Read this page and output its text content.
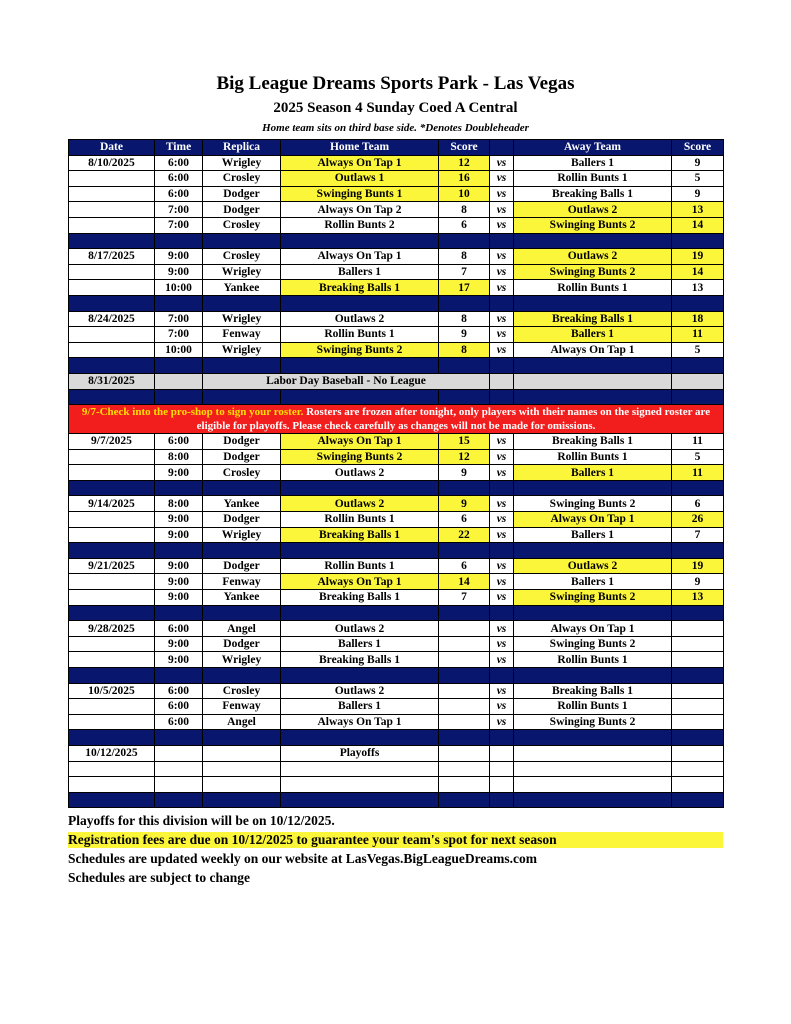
Big League Dreams Sports Park - Las Vegas
2025 Season 4 Sunday Coed A Central
Home team sits on third base side. *Denotes Doubleheader
Date	Time	Replica	Home Team	Score		Away Team	Score
8/10/2025	6:00	Wrigley	Always On Tap 1	12	vs	Ballers 1	9
	6:00	Crosley	Outlaws 1	16	vs	Rollin Bunts 1	5
	6:00	Dodger	Swinging Bunts 1	10	vs	Breaking Balls 1	9
	7:00	Dodger	Always On Tap 2	8	vs	Outlaws 2	13
	7:00	Crosley	Rollin Bunts 2	6	vs	Swinging Bunts 2	14

8/17/2025	9:00	Crosley	Always On Tap 1	8	vs	Outlaws 2	19
	9:00	Wrigley	Ballers 1	7	vs	Swinging Bunts 2	14
	10:00	Yankee	Breaking Balls 1	17	vs	Rollin Bunts 1	13

8/24/2025	7:00	Wrigley	Outlaws 2	8	vs	Breaking Balls 1	18
	7:00	Fenway	Rollin Bunts 1	9	vs	Ballers 1	11
	10:00	Wrigley	Swinging Bunts 2	8	vs	Always On Tap 1	5

8/31/2025		Labor Day Baseball - No League					

9/7-Check into the pro-shop to sign your roster. Rosters are frozen after tonight, only players with their names on the signed roster are eligible for playoffs. Please check carefully as changes will not be made for omissions.							
9/7/2025	6:00	Dodger	Always On Tap 1	15	vs	Breaking Balls 1	11
	8:00	Dodger	Swinging Bunts 2	12	vs	Rollin Bunts 1	5
	9:00	Crosley	Outlaws 2	9	vs	Ballers 1	11

9/14/2025	8:00	Yankee	Outlaws 2	9	vs	Swinging Bunts 2	6
	9:00	Dodger	Rollin Bunts 1	6	vs	Always On Tap 1	26
	9:00	Wrigley	Breaking Balls 1	22	vs	Ballers 1	7

9/21/2025	9:00	Dodger	Rollin Bunts 1	6	vs	Outlaws 2	19
	9:00	Fenway	Always On Tap 1	14	vs	Ballers 1	9
	9:00	Yankee	Breaking Balls 1	7	vs	Swinging Bunts 2	13

9/28/2025	6:00	Angel	Outlaws 2		vs	Always On Tap 1	
	9:00	Dodger	Ballers 1		vs	Swinging Bunts 2	
	9:00	Wrigley	Breaking Balls 1		vs	Rollin Bunts 1	

10/5/2025	6:00	Crosley	Outlaws 2		vs	Breaking Balls 1	
	6:00	Fenway	Ballers 1		vs	Rollin Bunts 1	
	6:00	Angel	Always On Tap 1		vs	Swinging Bunts 2	

10/12/2025			Playoffs				

Playoffs for this division will be on 10/12/2025.
Registration fees are due on 10/12/2025 to guarantee your team's spot for next season
Schedules are updated weekly on our website at LasVegas.BigLeagueDreams.com
Schedules are subject to change
